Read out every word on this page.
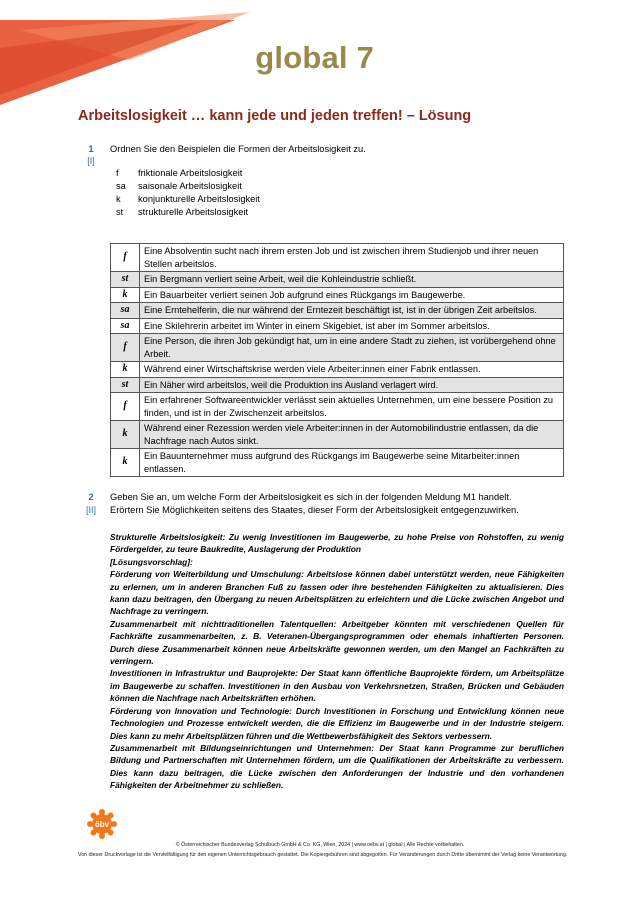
global 7
Arbeitslosigkeit … kann jede und jeden treffen! – Lösung
1
[I]
Ordnen Sie den Beispielen die Formen der Arbeitslosigkeit zu.
f	friktionale Arbeitslosigkeit
sa	saisonale Arbeitslosigkeit
k	konjunkturelle Arbeitslosigkeit
st	strukturelle Arbeitslosigkeit
f	Eine Absolventin sucht nach ihrem ersten Job und ist zwischen ihrem Studienjob und ihrer neuen Stellen arbeitslos.
st	Ein Bergmann verliert seine Arbeit, weil die Kohleindustrie schließt.
k	Ein Bauarbeiter verliert seinen Job aufgrund eines Rückgangs im Baugewerbe.
sa	Eine Erntehelferin, die nur während der Erntezeit beschäftigt ist, ist in der übrigen Zeit arbeitslos.
sa	Eine Skilehrerin arbeitet im Winter in einem Skigebiet, ist aber im Sommer arbeitslos.
f	Eine Person, die ihren Job gekündigt hat, um in eine andere Stadt zu ziehen, ist vorübergehend ohne Arbeit.
k	Während einer Wirtschaftskrise werden viele Arbeiter:innen einer Fabrik entlassen.
st	Ein Näher wird arbeitslos, weil die Produktion ins Ausland verlagert wird.
f	Ein erfahrener Softwareentwickler verlässt sein aktuelles Unternehmen, um eine bessere Position zu finden, und ist in der Zwischenzeit arbeitslos.
k	Während einer Rezession werden viele Arbeiter:innen in der Automobilindustrie entlassen, da die Nachfrage nach Autos sinkt.
k	Ein Bauunternehmer muss aufgrund des Rückgangs im Baugewerbe seine Mitarbeiter:innen entlassen.
2
[II]
Geben Sie an, um welche Form der Arbeitslosigkeit es sich in der folgenden Meldung M1 handelt.
Erörtern Sie Möglichkeiten seitens des Staates, dieser Form der Arbeitslosigkeit entgegenzuwirken.

Strukturelle Arbeitslosigkeit: Zu wenig Investitionen im Baugewerbe, zu hohe Preise von Rohstoffen, zu wenig Fördergelder, zu teure Baukredite, Auslagerung der Produktion

[Lösungsvorschlag]:

Förderung von Weiterbildung und Umschulung: Arbeitslose können dabei unterstützt werden, neue Fähigkeiten zu erlernen, um in anderen Branchen Fuß zu fassen oder ihre bestehenden Fähigkeiten zu aktualisieren. Dies kann dazu beitragen, den Übergang zu neuen Arbeitsplätzen zu erleichtern und die Lücke zwischen Angebot und Nachfrage zu verringern.

Zusammenarbeit mit nichttraditionellen Talentquellen: Arbeitgeber könnten mit verschiedenen Quellen für Fachkräfte zusammenarbeiten, z. B. Veteranen-Übergangsprogrammen oder ehemals inhaftierten Personen. Durch diese Zusammenarbeit können neue Arbeitskräfte gewonnen werden, um den Mangel an Fachkräften zu verringern.

Investitionen in Infrastruktur und Bauprojekte: Der Staat kann öffentliche Bauprojekte fördern, um Arbeitsplätze im Baugewerbe zu schaffen. Investitionen in den Ausbau von Verkehrsnetzen, Straßen, Brücken und Gebäuden können die Nachfrage nach Arbeitskräften erhöhen.

Förderung von Innovation und Technologie: Durch Investitionen in Forschung und Entwicklung können neue Technologien und Prozesse entwickelt werden, die die Effizienz im Baugewerbe und in der Industrie steigern. Dies kann zu mehr Arbeitsplätzen führen und die Wettbewerbsfähigkeit des Sektors verbessern.

Zusammenarbeit mit Bildungseinrichtungen und Unternehmen: Der Staat kann Programme zur beruflichen Bildung und Partnerschaften mit Unternehmen fördern, um die Qualifikationen der Arbeitskräfte zu verbessern. Dies kann dazu beitragen, die Lücke zwischen den Anforderungen der Industrie und den vorhandenen Fähigkeiten der Arbeitnehmer zu schließen.

öbv
© Österreichischer Bundesverlag Schulbuch GmbH & Co. KG, Wien, 2024 | www.oebv.at | global | Alle Rechte vorbehalten.
Von dieser Druckvorlage ist die Vervielfältigung für den eigenen Unterrichtsgebrauch gestattet. Die Kopiergebühren sind abgegolten. Für Veränderungen durch Dritte übernimmt der Verlag keine Verantwortung.
